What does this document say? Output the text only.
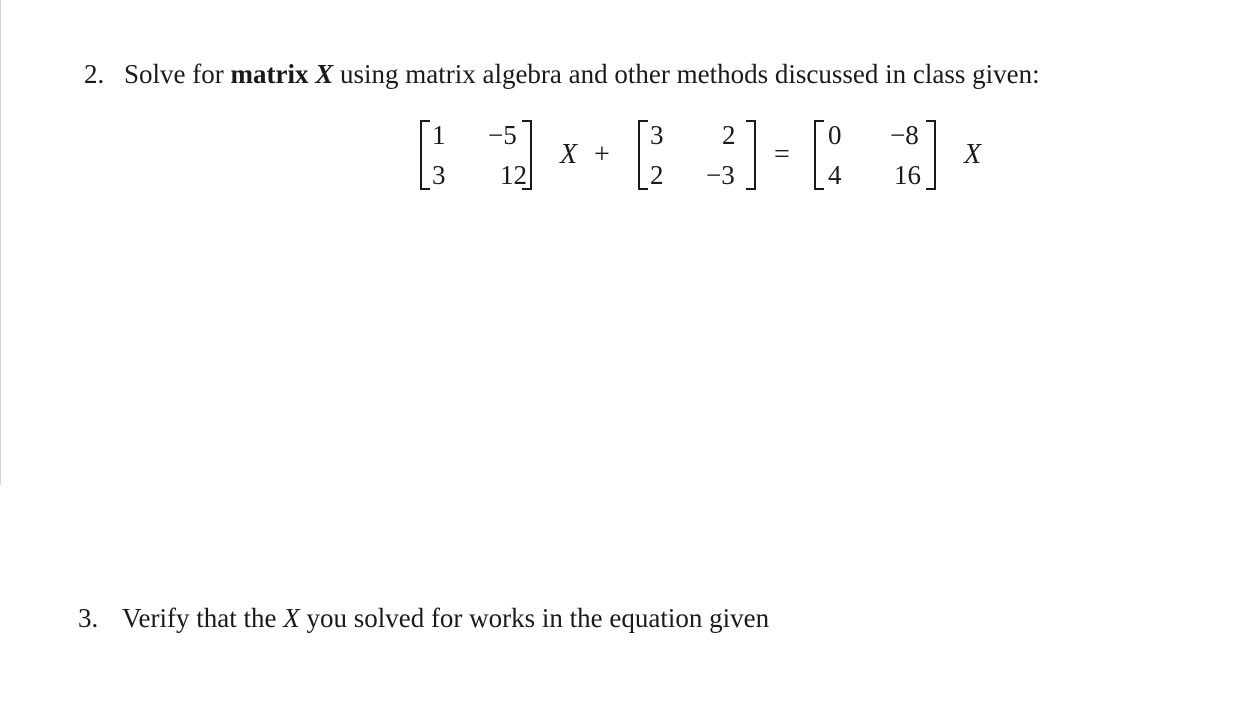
2. Solve for matrix X using matrix algebra and other methods discussed in class given:
1 −5
3 12
X +
3 2
2 −3
=
0 −8
4 16
X
3. Verify that the X you solved for works in the equation given
